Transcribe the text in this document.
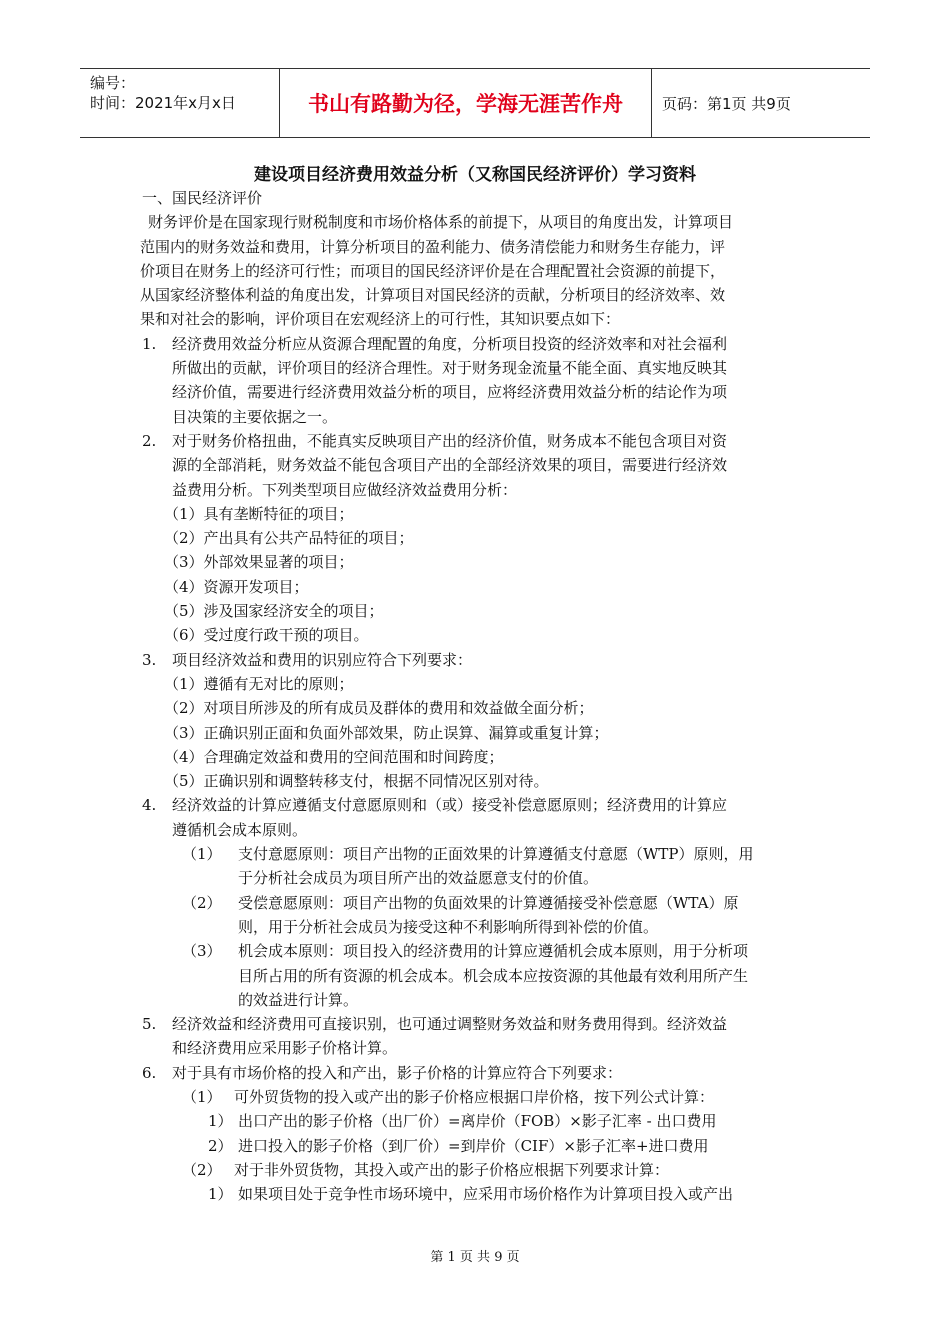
编号：
时间：2021年x月x日	书山有路勤为径，学海无涯苦作舟	页码：第1页 共9页
建设项目经济费用效益分析（又称国民经济评价）学习资料
一、国民经济评价
财务评价是在国家现行财税制度和市场价格体系的前提下，从项目的角度出发，计算项目
范围内的财务效益和费用，计算分析项目的盈利能力、债务清偿能力和财务生存能力，评
价项目在财务上的经济可行性；而项目的国民经济评价是在合理配置社会资源的前提下，
从国家经济整体利益的角度出发，计算项目对国民经济的贡献，分析项目的经济效率、效
果和对社会的影响，评价项目在宏观经济上的可行性，其知识要点如下：
1. 经济费用效益分析应从资源合理配置的角度，分析项目投资的经济效率和对社会福利
所做出的贡献，评价项目的经济合理性。对于财务现金流量不能全面、真实地反映其
经济价值，需要进行经济费用效益分析的项目，应将经济费用效益分析的结论作为项
目决策的主要依据之一。
2. 对于财务价格扭曲，不能真实反映项目产出的经济价值，财务成本不能包含项目对资
源的全部消耗，财务效益不能包含项目产出的全部经济效果的项目，需要进行经济效
益费用分析。下列类型项目应做经济效益费用分析：
（1）具有垄断特征的项目；
（2）产出具有公共产品特征的项目；
（3）外部效果显著的项目；
（4）资源开发项目；
（5）涉及国家经济安全的项目；
（6）受过度行政干预的项目。
3. 项目经济效益和费用的识别应符合下列要求：
（1）遵循有无对比的原则；
（2）对项目所涉及的所有成员及群体的费用和效益做全面分析；
（3）正确识别正面和负面外部效果，防止误算、漏算或重复计算；
（4）合理确定效益和费用的空间范围和时间跨度；
（5）正确识别和调整转移支付，根据不同情况区别对待。
4. 经济效益的计算应遵循支付意愿原则和（或）接受补偿意愿原则；经济费用的计算应
遵循机会成本原则。
（1） 支付意愿原则：项目产出物的正面效果的计算遵循支付意愿（WTP）原则，用
于分析社会成员为项目所产出的效益愿意支付的价值。
（2） 受偿意愿原则：项目产出物的负面效果的计算遵循接受补偿意愿（WTA）原
则，用于分析社会成员为接受这种不利影响所得到补偿的价值。
（3） 机会成本原则：项目投入的经济费用的计算应遵循机会成本原则，用于分析项
目所占用的所有资源的机会成本。机会成本应按资源的其他最有效利用所产生
的效益进行计算。
5. 经济效益和经济费用可直接识别，也可通过调整财务效益和财务费用得到。经济效益
和经济费用应采用影子价格计算。
6. 对于具有市场价格的投入和产出，影子价格的计算应符合下列要求：
（1） 可外贸货物的投入或产出的影子价格应根据口岸价格，按下列公式计算：
1） 出口产出的影子价格（出厂价）=离岸价（FOB）×影子汇率 - 出口费用
2） 进口投入的影子价格（到厂价）=到岸价（CIF）×影子汇率+进口费用
（2） 对于非外贸货物，其投入或产出的影子价格应根据下列要求计算：
1） 如果项目处于竞争性市场环境中，应采用市场价格作为计算项目投入或产出
第 1 页 共 9 页
